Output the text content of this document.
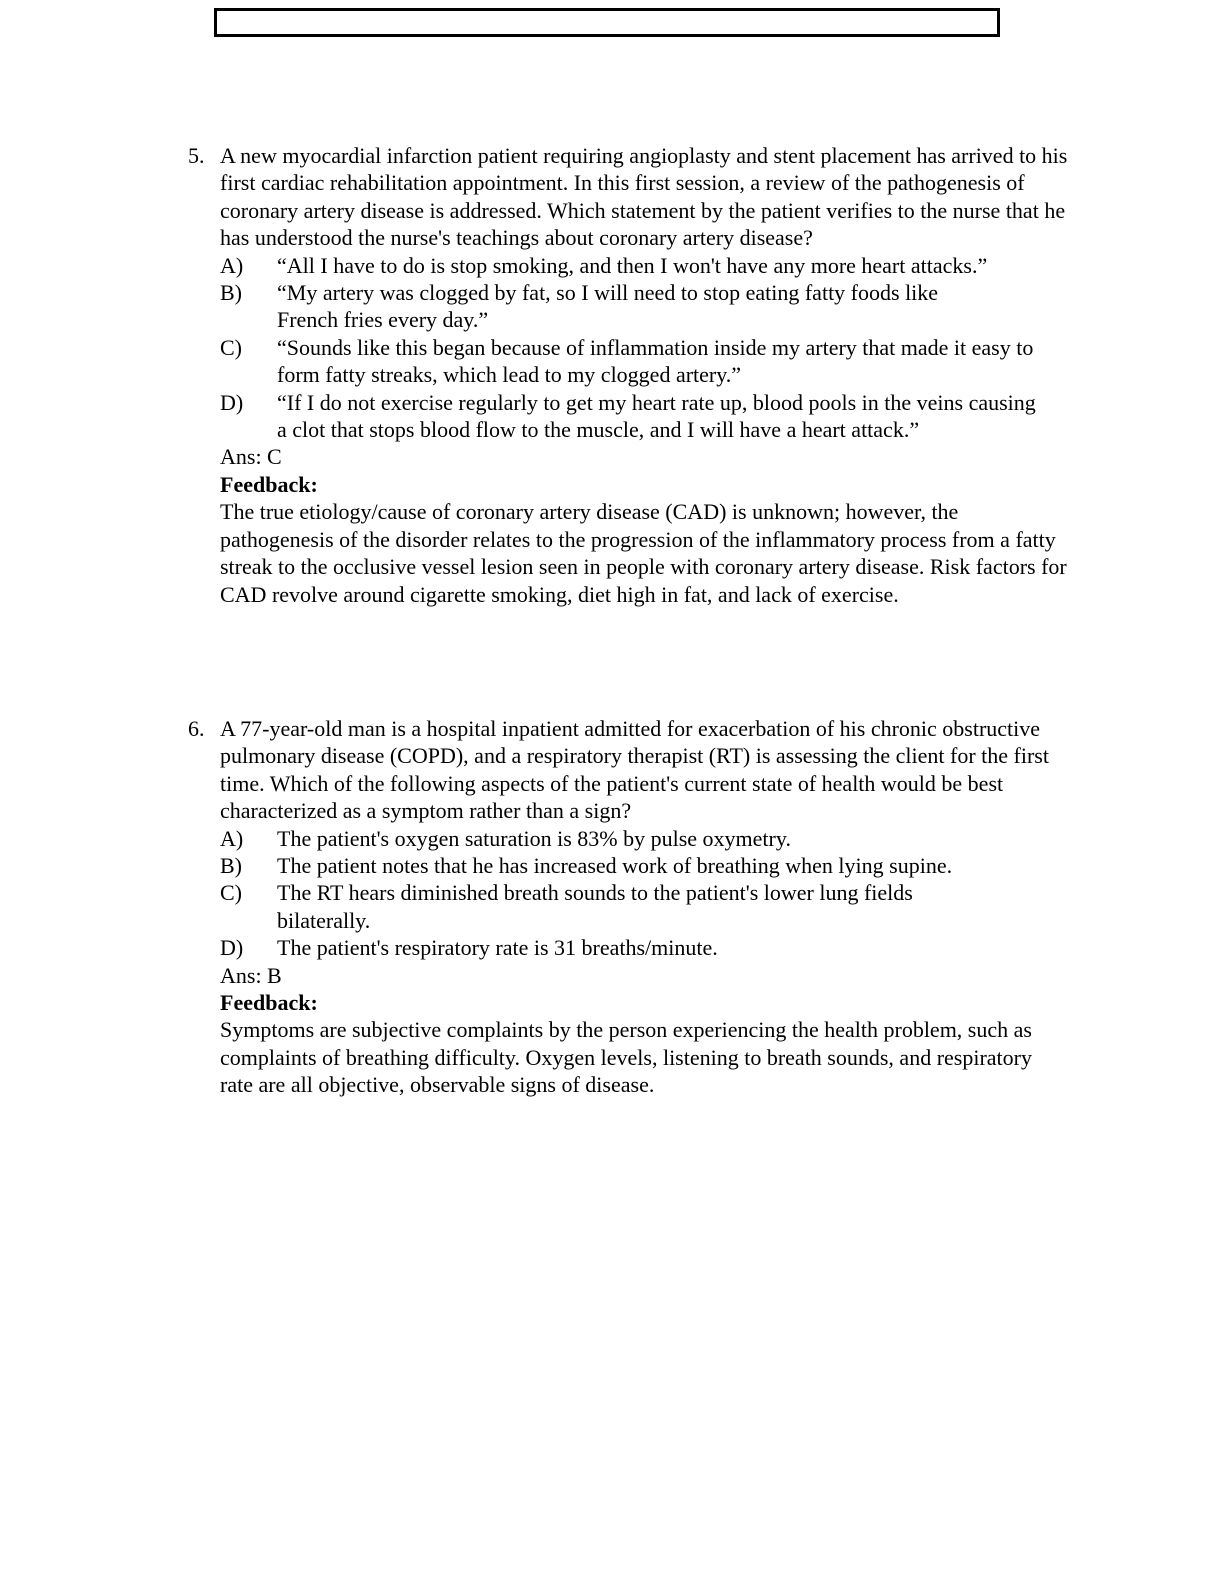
5. A new myocardial infarction patient requiring angioplasty and stent placement has arrived to his first cardiac rehabilitation appointment. In this first session, a review of the pathogenesis of coronary artery disease is addressed. Which statement by the patient verifies to the nurse that he has understood the nurse's teachings about coronary artery disease?

A)	“All I have to do is stop smoking, and then I won't have any more heart attacks.”
B)	“My artery was clogged by fat, so I will need to stop eating fatty foods like French fries every day.”
C)	“Sounds like this began because of inflammation inside my artery that made it easy to form fatty streaks, which lead to my clogged artery.”
D)	“If I do not exercise regularly to get my heart rate up, blood pools in the veins causing a clot that stops blood flow to the muscle, and I will have a heart attack.”

Ans: C

Feedback:

The true etiology/cause of coronary artery disease (CAD) is unknown; however, the pathogenesis of the disorder relates to the progression of the inflammatory process from a fatty streak to the occlusive vessel lesion seen in people with coronary artery disease. Risk factors for CAD revolve around cigarette smoking, diet high in fat, and lack of exercise.

6. A 77-year-old man is a hospital inpatient admitted for exacerbation of his chronic obstructive pulmonary disease (COPD), and a respiratory therapist (RT) is assessing the client for the first time. Which of the following aspects of the patient's current state of health would be best characterized as a symptom rather than a sign?

A)	The patient's oxygen saturation is 83% by pulse oxymetry.
B)	The patient notes that he has increased work of breathing when lying supine.
C)	The RT hears diminished breath sounds to the patient's lower lung fields bilaterally.
D)	The patient's respiratory rate is 31 breaths/minute.

Ans: B

Feedback:

Symptoms are subjective complaints by the person experiencing the health problem, such as complaints of breathing difficulty. Oxygen levels, listening to breath sounds, and respiratory rate are all objective, observable signs of disease.
